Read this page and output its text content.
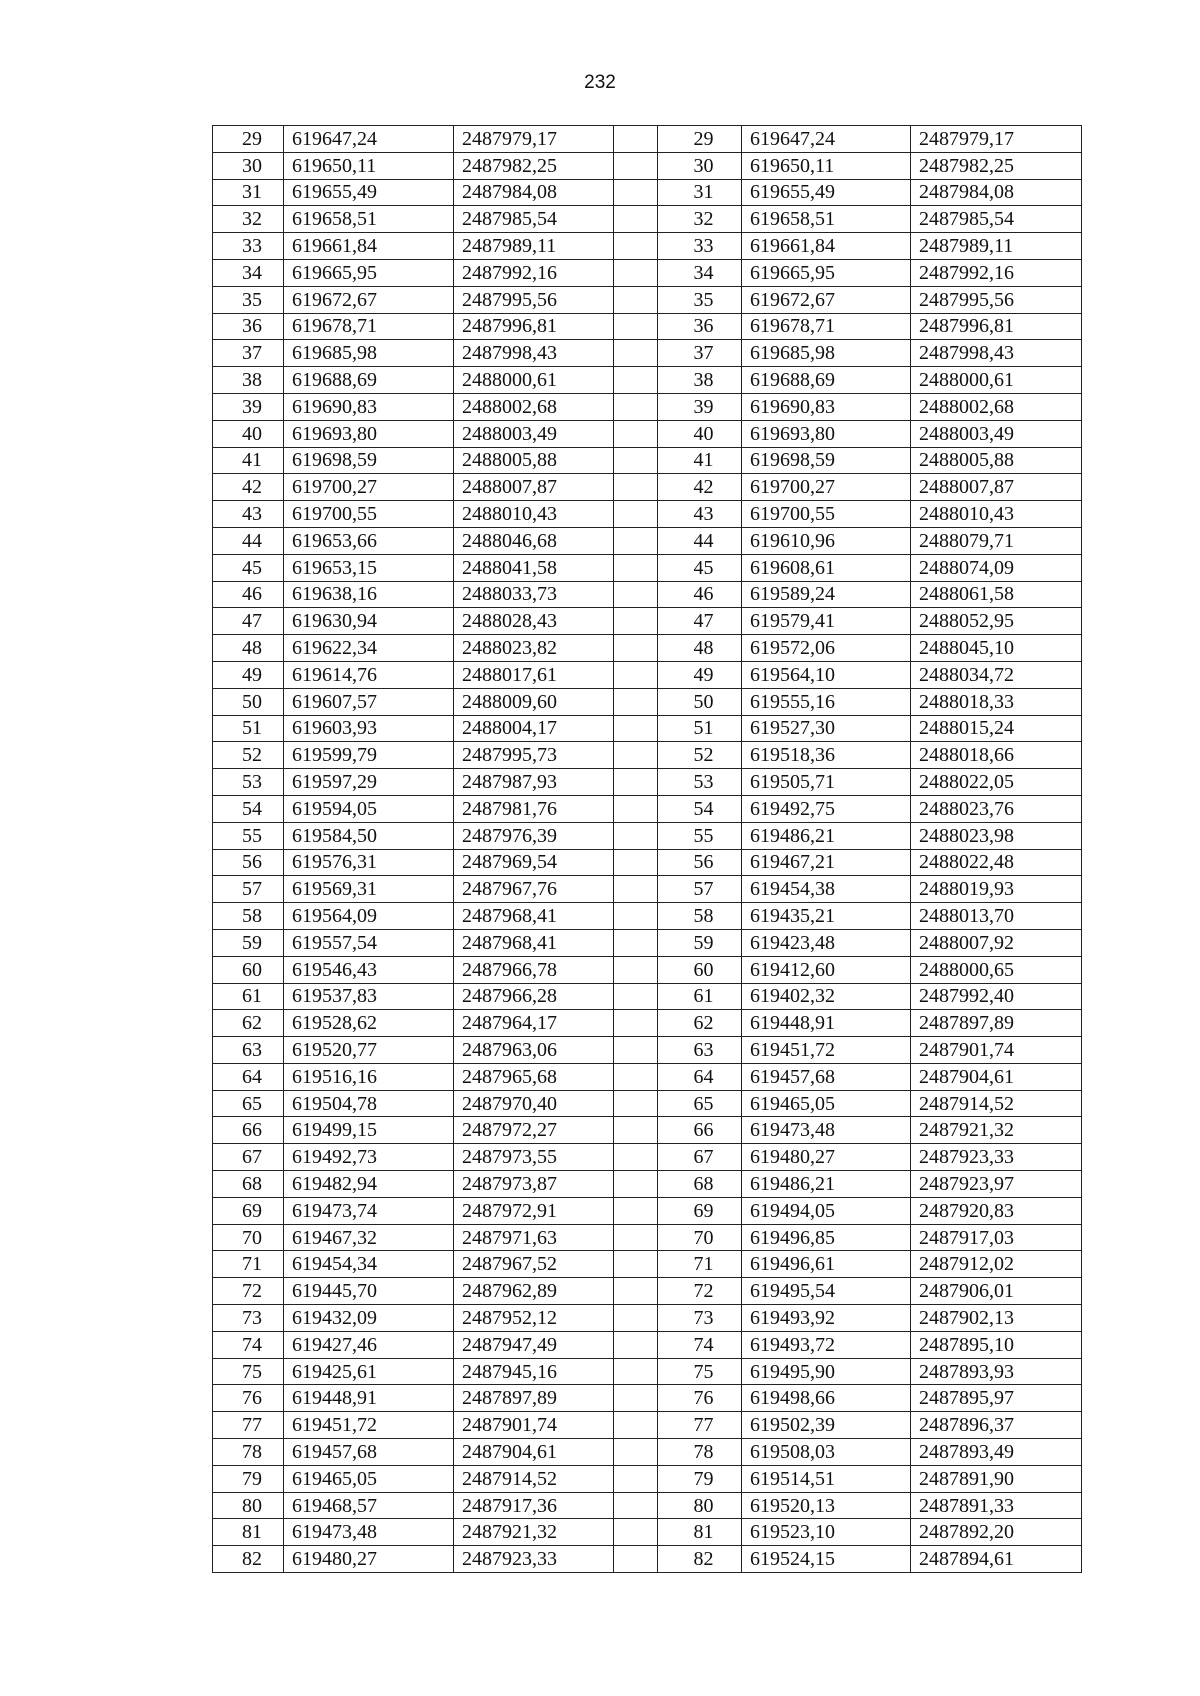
232
29	619647,24	2487979,17		29	619647,24	2487979,17
30	619650,11	2487982,25		30	619650,11	2487982,25
31	619655,49	2487984,08		31	619655,49	2487984,08
32	619658,51	2487985,54		32	619658,51	2487985,54
33	619661,84	2487989,11		33	619661,84	2487989,11
34	619665,95	2487992,16		34	619665,95	2487992,16
35	619672,67	2487995,56		35	619672,67	2487995,56
36	619678,71	2487996,81		36	619678,71	2487996,81
37	619685,98	2487998,43		37	619685,98	2487998,43
38	619688,69	2488000,61		38	619688,69	2488000,61
39	619690,83	2488002,68		39	619690,83	2488002,68
40	619693,80	2488003,49		40	619693,80	2488003,49
41	619698,59	2488005,88		41	619698,59	2488005,88
42	619700,27	2488007,87		42	619700,27	2488007,87
43	619700,55	2488010,43		43	619700,55	2488010,43
44	619653,66	2488046,68		44	619610,96	2488079,71
45	619653,15	2488041,58		45	619608,61	2488074,09
46	619638,16	2488033,73		46	619589,24	2488061,58
47	619630,94	2488028,43		47	619579,41	2488052,95
48	619622,34	2488023,82		48	619572,06	2488045,10
49	619614,76	2488017,61		49	619564,10	2488034,72
50	619607,57	2488009,60		50	619555,16	2488018,33
51	619603,93	2488004,17		51	619527,30	2488015,24
52	619599,79	2487995,73		52	619518,36	2488018,66
53	619597,29	2487987,93		53	619505,71	2488022,05
54	619594,05	2487981,76		54	619492,75	2488023,76
55	619584,50	2487976,39		55	619486,21	2488023,98
56	619576,31	2487969,54		56	619467,21	2488022,48
57	619569,31	2487967,76		57	619454,38	2488019,93
58	619564,09	2487968,41		58	619435,21	2488013,70
59	619557,54	2487968,41		59	619423,48	2488007,92
60	619546,43	2487966,78		60	619412,60	2488000,65
61	619537,83	2487966,28		61	619402,32	2487992,40
62	619528,62	2487964,17		62	619448,91	2487897,89
63	619520,77	2487963,06		63	619451,72	2487901,74
64	619516,16	2487965,68		64	619457,68	2487904,61
65	619504,78	2487970,40		65	619465,05	2487914,52
66	619499,15	2487972,27		66	619473,48	2487921,32
67	619492,73	2487973,55		67	619480,27	2487923,33
68	619482,94	2487973,87		68	619486,21	2487923,97
69	619473,74	2487972,91		69	619494,05	2487920,83
70	619467,32	2487971,63		70	619496,85	2487917,03
71	619454,34	2487967,52		71	619496,61	2487912,02
72	619445,70	2487962,89		72	619495,54	2487906,01
73	619432,09	2487952,12		73	619493,92	2487902,13
74	619427,46	2487947,49		74	619493,72	2487895,10
75	619425,61	2487945,16		75	619495,90	2487893,93
76	619448,91	2487897,89		76	619498,66	2487895,97
77	619451,72	2487901,74		77	619502,39	2487896,37
78	619457,68	2487904,61		78	619508,03	2487893,49
79	619465,05	2487914,52		79	619514,51	2487891,90
80	619468,57	2487917,36		80	619520,13	2487891,33
81	619473,48	2487921,32		81	619523,10	2487892,20
82	619480,27	2487923,33		82	619524,15	2487894,61
